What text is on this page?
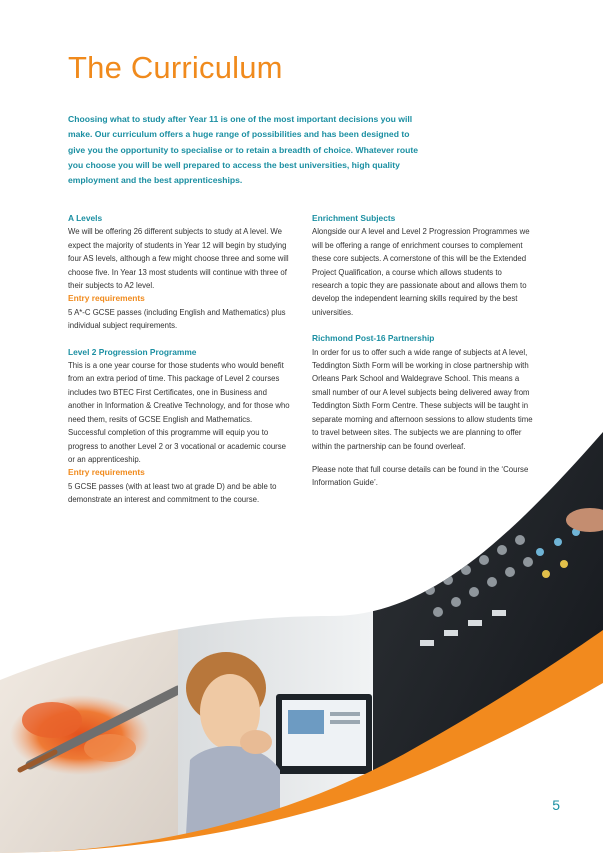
The Curriculum

Choosing what to study after Year 11 is one of the most important decisions you will make. Our curriculum offers a huge range of possibilities and has been designed to give you the opportunity to specialise or to retain a breadth of choice. Whatever route you choose you will be well prepared to access the best universities, high quality employment and the best apprenticeships.

A Levels

We will be offering 26 different subjects to study at A level. We expect the majority of students in Year 12 will begin by studying four AS levels, although a few might choose three and some will choose five. In Year 13 most students will continue with three of their subjects to A2 level.

Entry requirements

5 A*-C GCSE passes (including English and Mathematics) plus individual subject requirements.

Level 2 Progression Programme

This is a one year course for those students who would benefit from an extra period of time. This package of Level 2 courses includes two BTEC First Certificates, one in Business and another in Information & Creative Technology, and for those who need them, resits of GCSE English and Mathematics. Successful completion of this programme will equip you to progress to another Level 2 or 3 vocational or academic course or an apprenticeship.

Entry requirements

5 GCSE passes (with at least two at grade D) and be able to demonstrate an interest and commitment to the course.

Enrichment Subjects

Alongside our A level and Level 2 Progression Programmes we will be offering a range of enrichment courses to complement these core subjects. A cornerstone of this will be the Extended Project Qualification, a course which allows students to research a topic they are passionate about and allows them to develop the independent learning skills required by the best universities.

Richmond Post-16 Partnership

In order for us to offer such a wide range of subjects at A level, Teddington Sixth Form will be working in close partnership with Orleans Park School and Waldegrave School. This means a small number of our A level subjects being delivered away from Teddington Sixth Form Centre. These subjects will be taught in separate morning and afternoon sessions to allow students time to travel between sites. The subjects we are planning to offer within the partnership can be found overleaf.

Please note that full course details can be found in the ‘Course Information Guide’.

5
